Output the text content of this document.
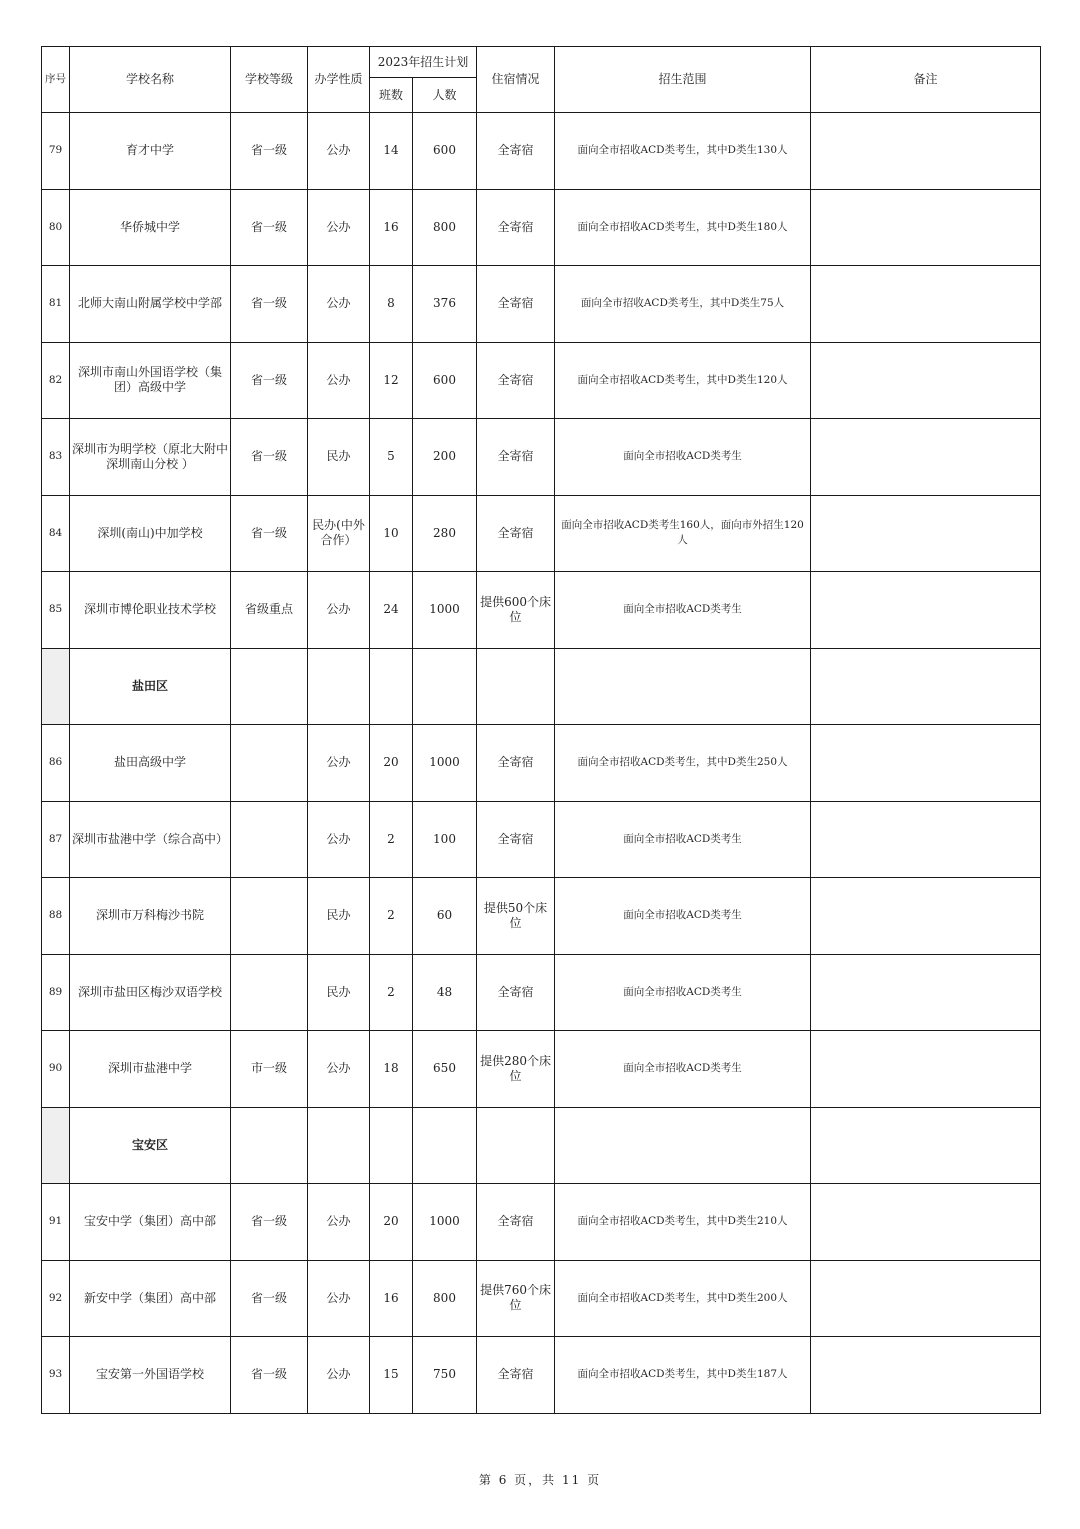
序号	学校名称	学校等级	办学性质	2023年招生计划		住宿情况	招生范围	备注
				班数	人数			
79	育才中学	省一级	公办	14	600	全寄宿	面向全市招收ACD类考生，其中D类生130人	
80	华侨城中学	省一级	公办	16	800	全寄宿	面向全市招收ACD类考生，其中D类生180人	
81	北师大南山附属学校中学部	省一级	公办	8	376	全寄宿	面向全市招收ACD类考生，其中D类生75人	
82	深圳市南山外国语学校（集团）高级中学	省一级	公办	12	600	全寄宿	面向全市招收ACD类考生，其中D类生120人	
83	深圳市为明学校（原北大附中深圳南山分校 ）	省一级	民办	5	200	全寄宿	面向全市招收ACD类考生	
84	深圳(南山)中加学校	省一级	民办(中外合作）	10	280	全寄宿	面向全市招收ACD类考生160人，面向市外招生120人	
85	深圳市博伦职业技术学校	省级重点	公办	24	1000	提供600个床位	面向全市招收ACD类考生	
	盐田区							
86	盐田高级中学		公办	20	1000	全寄宿	面向全市招收ACD类考生，其中D类生250人	
87	深圳市盐港中学（综合高中）		公办	2	100	全寄宿	面向全市招收ACD类考生	
88	深圳市万科梅沙书院		民办	2	60	提供50个床位	面向全市招收ACD类考生	
89	深圳市盐田区梅沙双语学校		民办	2	48	全寄宿	面向全市招收ACD类考生	
90	深圳市盐港中学	市一级	公办	18	650	提供280个床位	面向全市招收ACD类考生	
	宝安区							
91	宝安中学（集团）高中部	省一级	公办	20	1000	全寄宿	面向全市招收ACD类考生，其中D类生210人	
92	新安中学（集团）高中部	省一级	公办	16	800	提供760个床位	面向全市招收ACD类考生，其中D类生200人	
93	宝安第一外国语学校	省一级	公办	15	750	全寄宿	面向全市招收ACD类考生，其中D类生187人	
第 6 页，共 11 页
